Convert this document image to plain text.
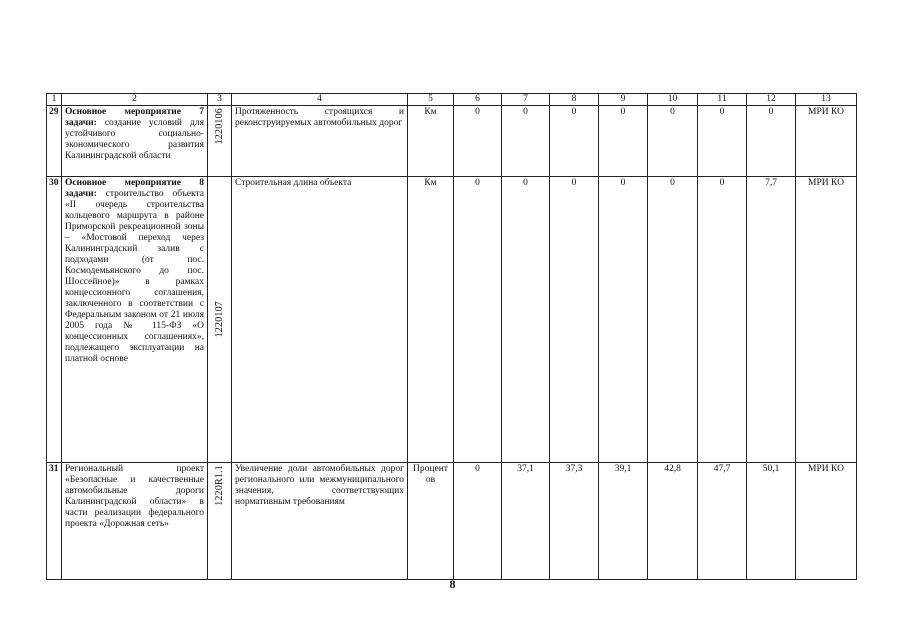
1	2	3	4	5	6	7	8	9	10	11	12	13
29	Основное мероприятие 7 задачи: создание условий для устойчивого социально-экономического развития Калининградской области	1220106	Протяженность строящихся и реконструируемых автомобильных дорог	Км	0	0	0	0	0	0	0	МРИ КО
30	Основное мероприятие 8 задачи: строительство объекта «II очередь строительства кольцевого маршрута в районе Приморской рекреационной зоны – «Мостовой переход через Калининградский залив с подходами (от пос. Космодемьянского до пос. Шоссейное)» в рамках концессионного соглашения, заключенного в соответствии с Федеральным законом от 21 июля 2005 года № 115-ФЗ «О концессионных соглашениях», подлежащего эксплуатации на платной основе	1220107	Строительная длина объекта	Км	0	0	0	0	0	0	7,7	МРИ КО
31	Региональный проект «Безопасные и качественные автомобильные дороги Калининградской области» в части реализации федерального проекта «Дорожная сеть»	1220R1.1	Увеличение доли автомобильных дорог регионального или межмуниципального значения, соответствующих нормативным требованиям	Процентов	0	37,1	37,3	39,1	42,8	47,7	50,1	МРИ КО
8
